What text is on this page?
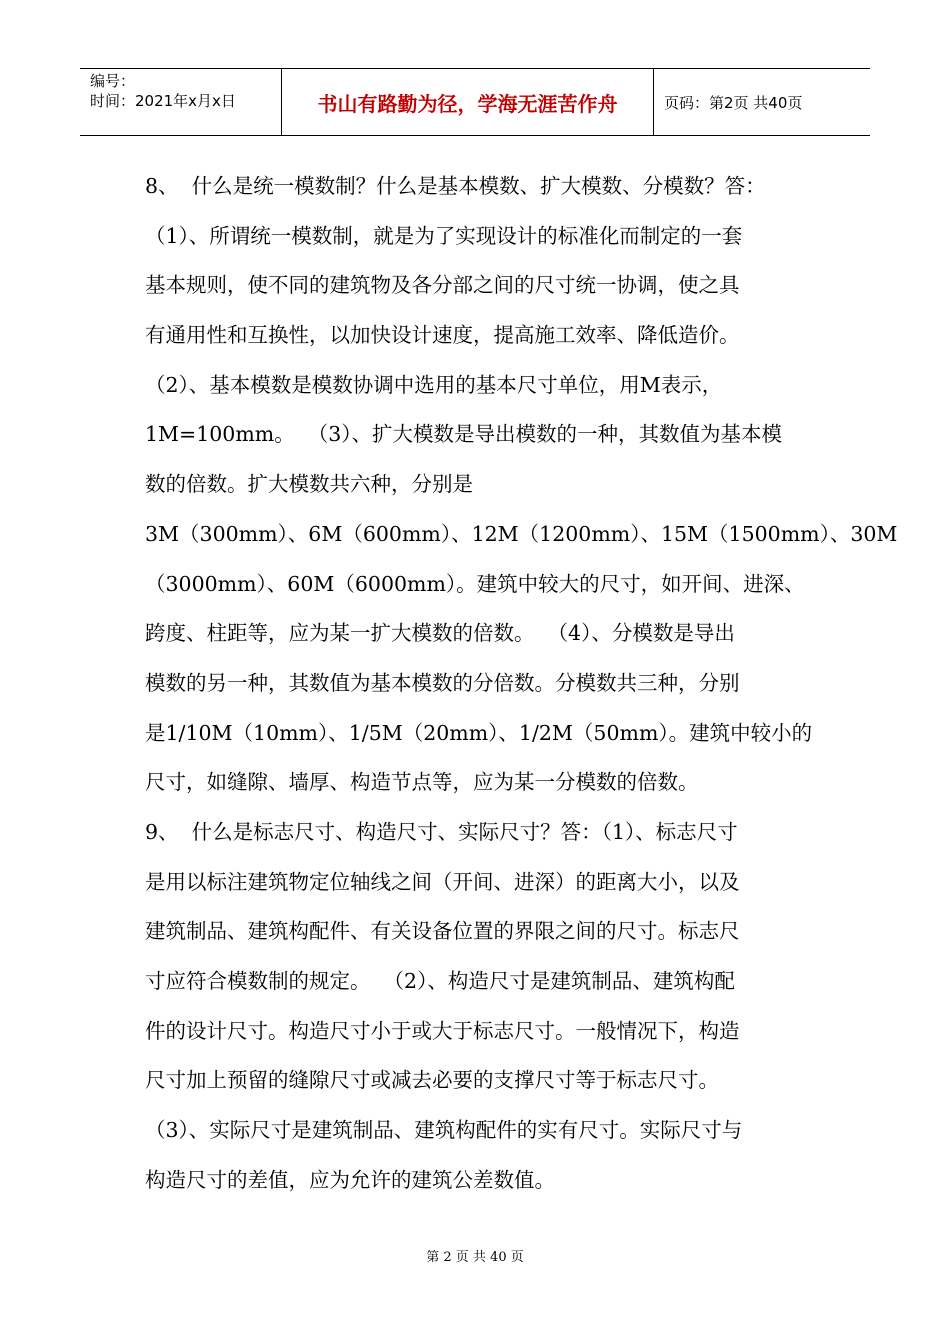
编号：
时间：2021年x月x日	书山有路勤为径，学海无涯苦作舟	页码：第2页 共40页
8、  什么是统一模数制？什么是基本模数、扩大模数、分模数？答：
（1）、所谓统一模数制，就是为了实现设计的标准化而制定的一套
基本规则，使不同的建筑物及各分部之间的尺寸统一协调，使之具
有通用性和互换性，以加快设计速度，提高施工效率、降低造价。
（2）、基本模数是模数协调中选用的基本尺寸单位，用M表示，
1M=100mm。  （3）、扩大模数是导出模数的一种，其数值为基本模
数的倍数。扩大模数共六种，分别是
3M（300mm）、6M（600mm）、12M（1200mm）、15M（1500mm）、30M
（3000mm）、60M（6000mm）。建筑中较大的尺寸，如开间、进深、
跨度、柱距等，应为某一扩大模数的倍数。  （4）、分模数是导出
模数的另一种，其数值为基本模数的分倍数。分模数共三种，分别
是1/10M（10mm）、1/5M（20mm）、1/2M（50mm）。建筑中较小的
尺寸，如缝隙、墙厚、构造节点等，应为某一分模数的倍数。
9、  什么是标志尺寸、构造尺寸、实际尺寸？答：（1）、标志尺寸
是用以标注建筑物定位轴线之间（开间、进深）的距离大小，以及
建筑制品、建筑构配件、有关设备位置的界限之间的尺寸。标志尺
寸应符合模数制的规定。  （2）、构造尺寸是建筑制品、建筑构配
件的设计尺寸。构造尺寸小于或大于标志尺寸。一般情况下，构造
尺寸加上预留的缝隙尺寸或减去必要的支撑尺寸等于标志尺寸。
（3）、实际尺寸是建筑制品、建筑构配件的实有尺寸。实际尺寸与
构造尺寸的差值，应为允许的建筑公差数值。
第 2 页 共 40 页
